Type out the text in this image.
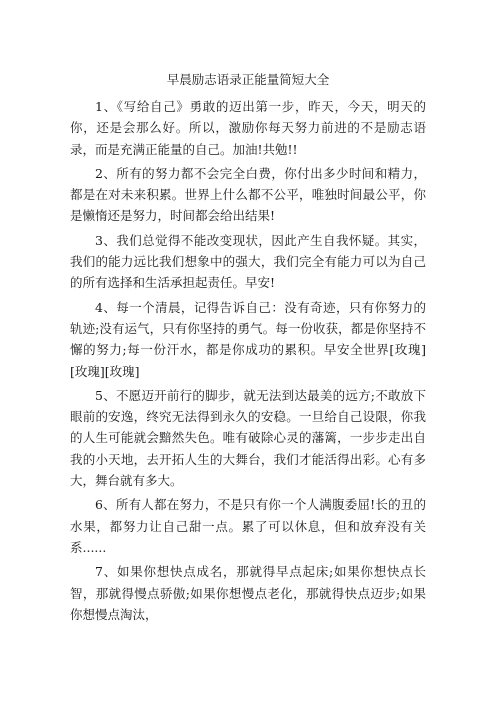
早晨励志语录正能量简短大全

1、《写给自己》勇敢的迈出第一步，昨天，今天，明天的你，还是会那么好。所以，激励你每天努力前进的不是励志语录，而是充满正能量的自己。加油!共勉!!

2、所有的努力都不会完全白费，你付出多少时间和精力，都是在对未来积累。世界上什么都不公平，唯独时间最公平，你是懒惰还是努力，时间都会给出结果!

3、我们总觉得不能改变现状，因此产生自我怀疑。其实，我们的能力远比我们想象中的强大，我们完全有能力可以为自己的所有选择和生活承担起责任。早安!

4、每一个清晨，记得告诉自己：没有奇迹，只有你努力的轨迹;没有运气，只有你坚持的勇气。每一份收获，都是你坚持不懈的努力;每一份汗水，都是你成功的累积。早安全世界[玫瑰][玫瑰][玫瑰]

5、不愿迈开前行的脚步，就无法到达最美的远方;不敢放下眼前的安逸，终究无法得到永久的安稳。一旦给自己设限，你我的人生可能就会黯然失色。唯有破除心灵的藩篱，一步步走出自我的小天地，去开拓人生的大舞台，我们才能活得出彩。心有多大，舞台就有多大。

6、所有人都在努力，不是只有你一个人满腹委屈!长的丑的水果，都努力让自己甜一点。累了可以休息，但和放弃没有关系......

7、如果你想快点成名，那就得早点起床;如果你想快点长智，那就得慢点骄傲;如果你想慢点老化，那就得快点迈步;如果你想慢点淘汰，
